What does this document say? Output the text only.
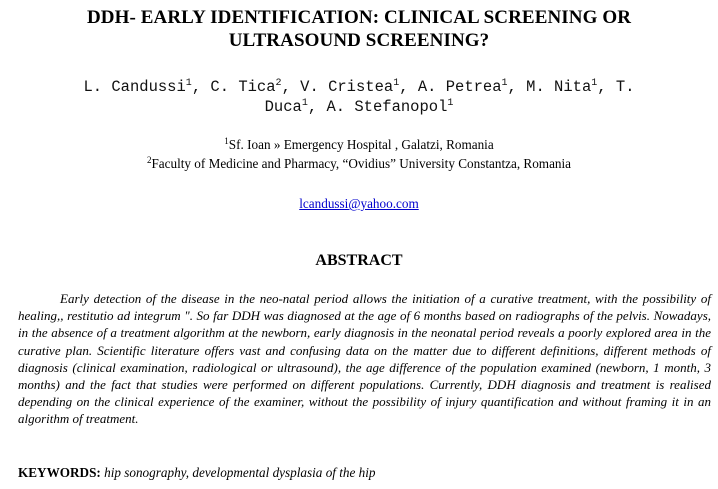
DDH- EARLY IDENTIFICATION: CLINICAL SCREENING OR
ULTRASOUND SCREENING?
L. Candussi$^1$, C. Tica$^2$, V. Cristea$^1$, A. Petrea$^1$, M. Nita$^1$, T.
Duca$^1$, A. Stefanopol$^1$
$^1$Sf. Ioan » Emergency Hospital , Galatzi, Romania
$^2$Faculty of Medicine and Pharmacy, “Ovidius” University Constantza, Romania
lcandussi@yahoo.com
ABSTRACT
Early detection of the disease in the neo-natal period allows the initiation of a curative treatment, with the possibility of healing,, restitutio ad integrum ". So far DDH was diagnosed at the age of 6 months based on radiographs of the pelvis. Nowadays, in the absence of a treatment algorithm at the newborn, early diagnosis in the neonatal period reveals a poorly explored area in the curative plan. Scientific literature offers vast and confusing data on the matter due to different definitions, different methods of diagnosis (clinical examination, radiological or ultrasound), the age difference of the population examined (newborn, 1 month, 3 months) and the fact that studies were performed on different populations. Currently, DDH diagnosis and treatment is realised depending on the clinical experience of the examiner, without the possibility of injury quantification and without framing it in an algorithm of treatment.
KEYWORDS: hip sonography, developmental dysplasia of the hip
